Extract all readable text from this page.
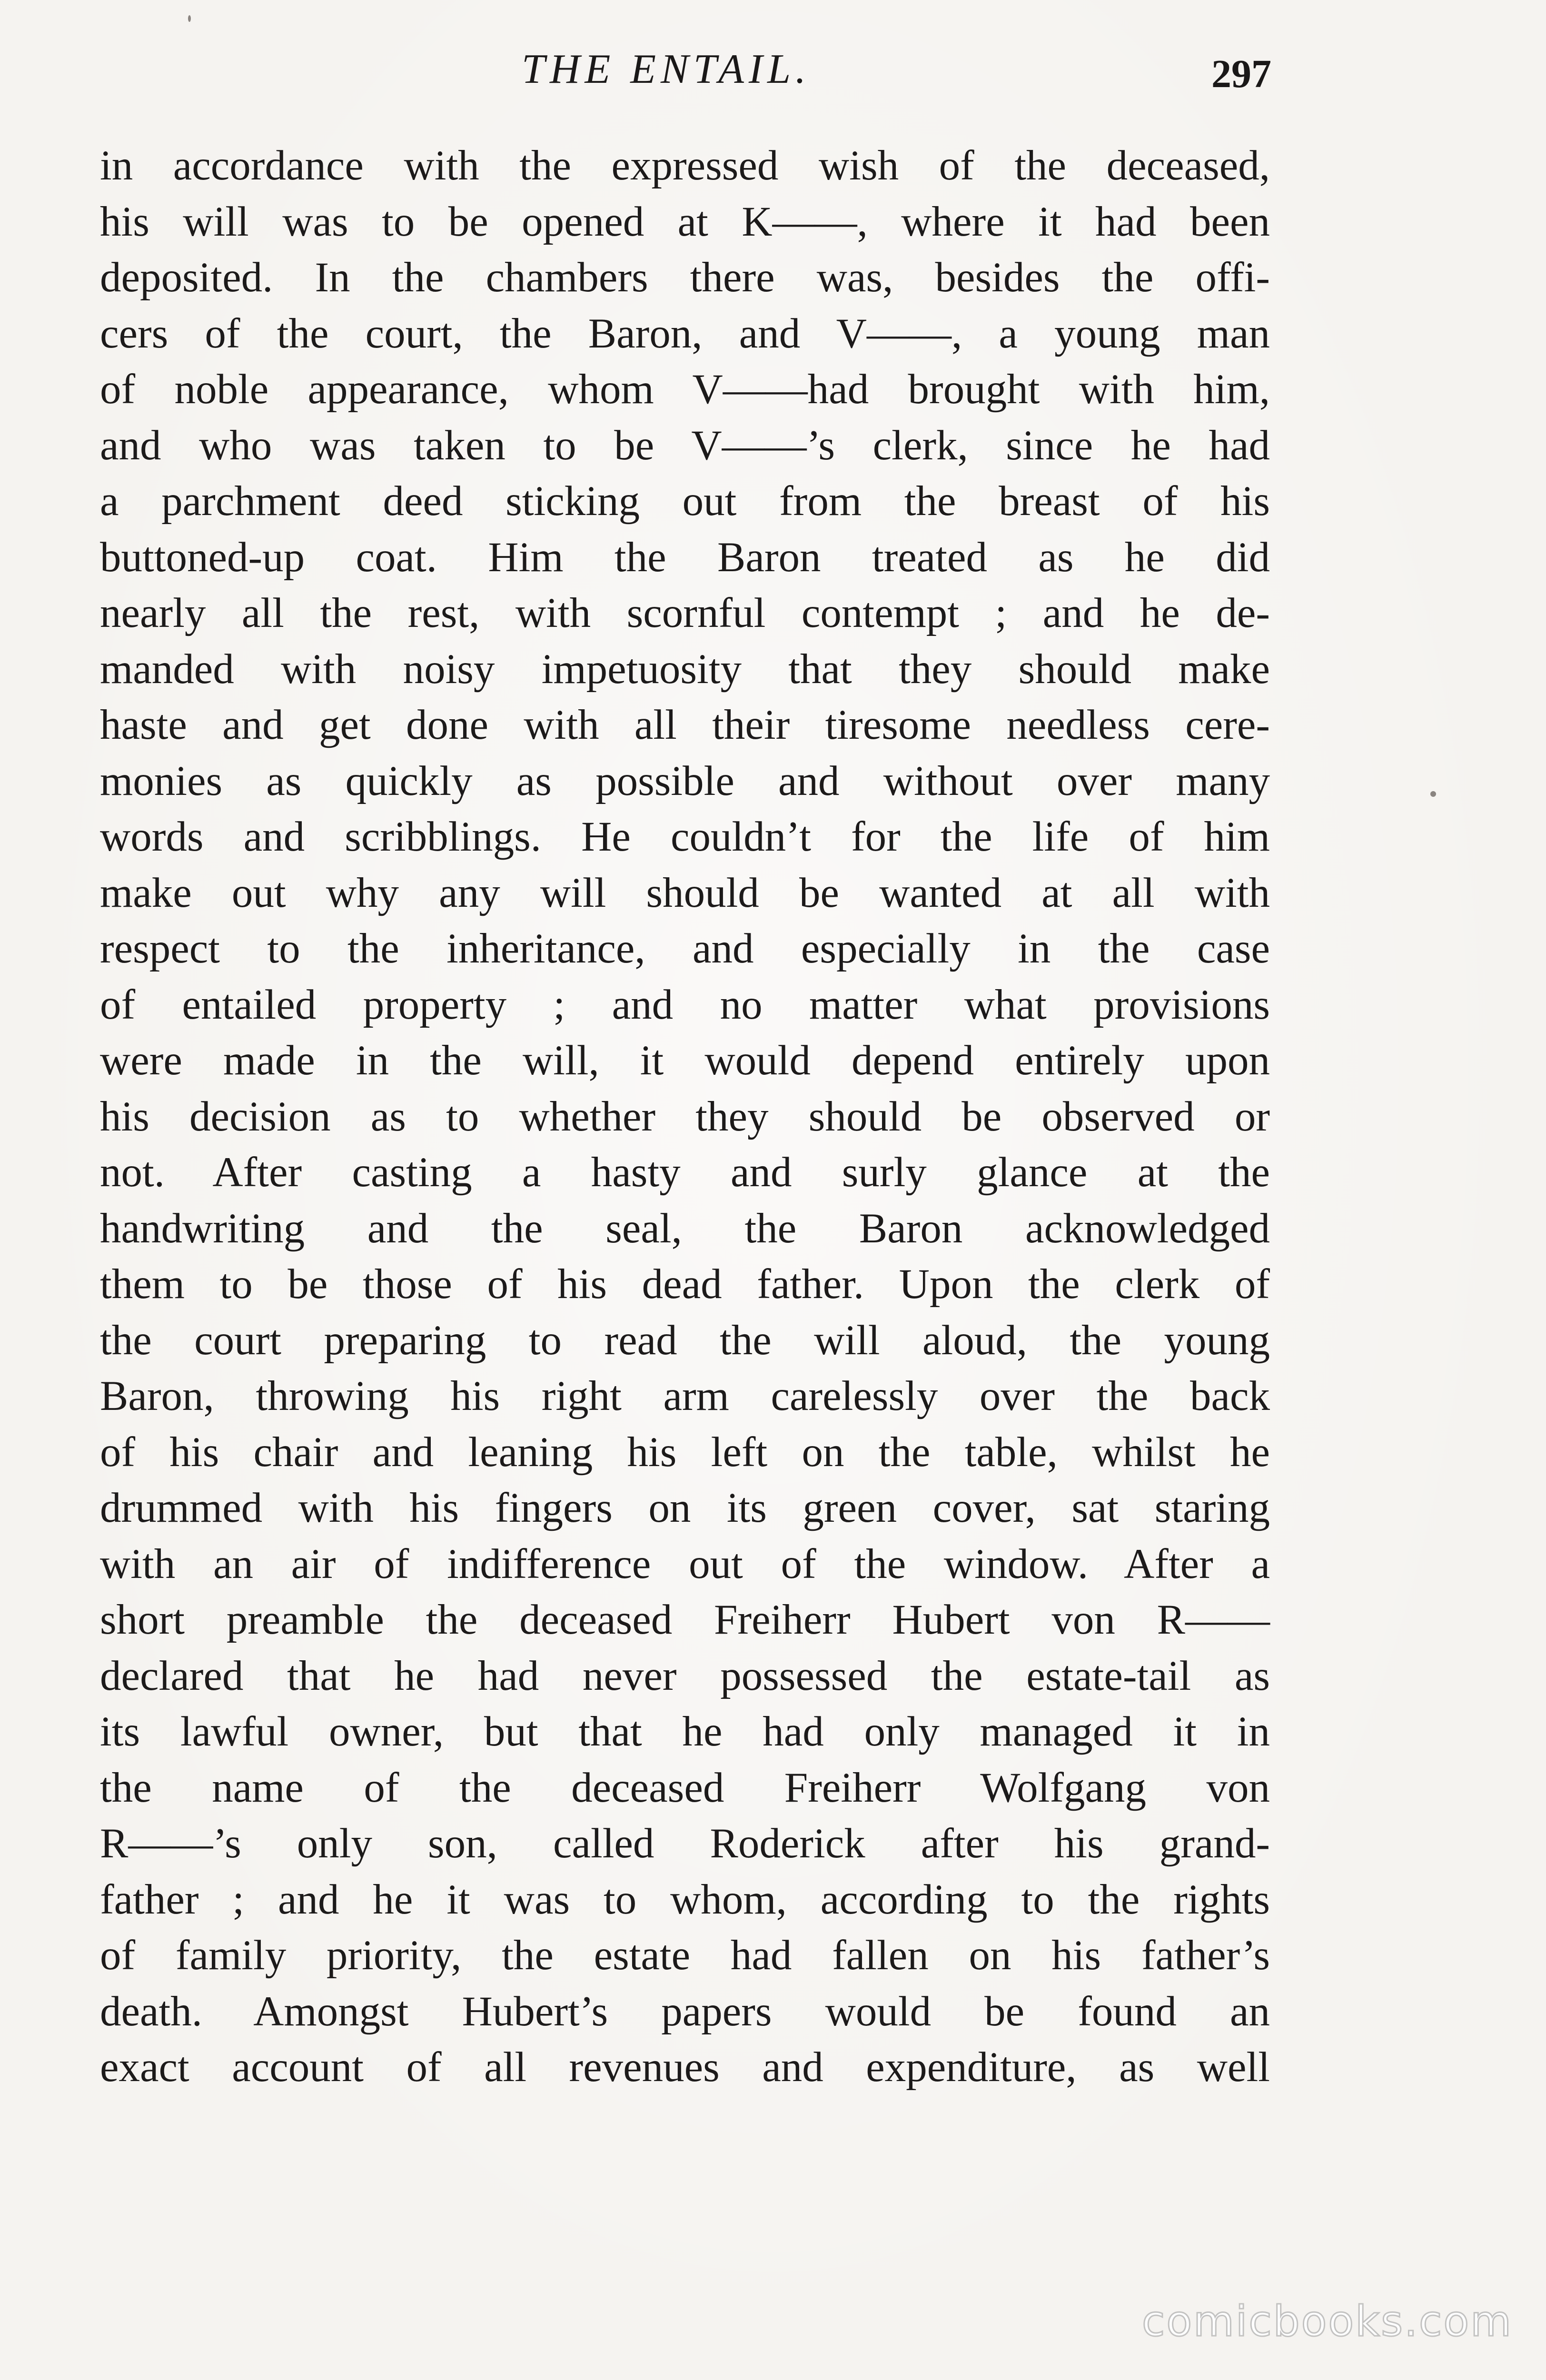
THE ENTAIL.	297
in accordance with the expressed wish of the deceased,
his will was to be opened at K——, where it had been
deposited. In the chambers there was, besides the offi-
cers of the court, the Baron, and V——, a young man
of noble appearance, whom V——had brought with him,
and who was taken to be V——’s clerk, since he had
a parchment deed sticking out from the breast of his
buttoned-up coat. Him the Baron treated as he did
nearly all the rest, with scornful contempt ; and he de-
manded with noisy impetuosity that they should make
haste and get done with all their tiresome needless cere-
monies as quickly as possible and without over many
words and scribblings. He couldn’t for the life of him
make out why any will should be wanted at all with
respect to the inheritance, and especially in the case
of entailed property ; and no matter what provisions
were made in the will, it would depend entirely upon
his decision as to whether they should be observed or
not. After casting a hasty and surly glance at the
handwriting and the seal, the Baron acknowledged
them to be those of his dead father. Upon the clerk of
the court preparing to read the will aloud, the young
Baron, throwing his right arm carelessly over the back
of his chair and leaning his left on the table, whilst he
drummed with his fingers on its green cover, sat staring
with an air of indifference out of the window. After a
short preamble the deceased Freiherr Hubert von R——
declared that he had never possessed the estate-tail as
its lawful owner, but that he had only managed it in
the name of the deceased Freiherr Wolfgang von
R——’s only son, called Roderick after his grand-
father ; and he it was to whom, according to the rights
of family priority, the estate had fallen on his father’s
death. Amongst Hubert’s papers would be found an
exact account of all revenues and expenditure, as well
comicbooks.com
